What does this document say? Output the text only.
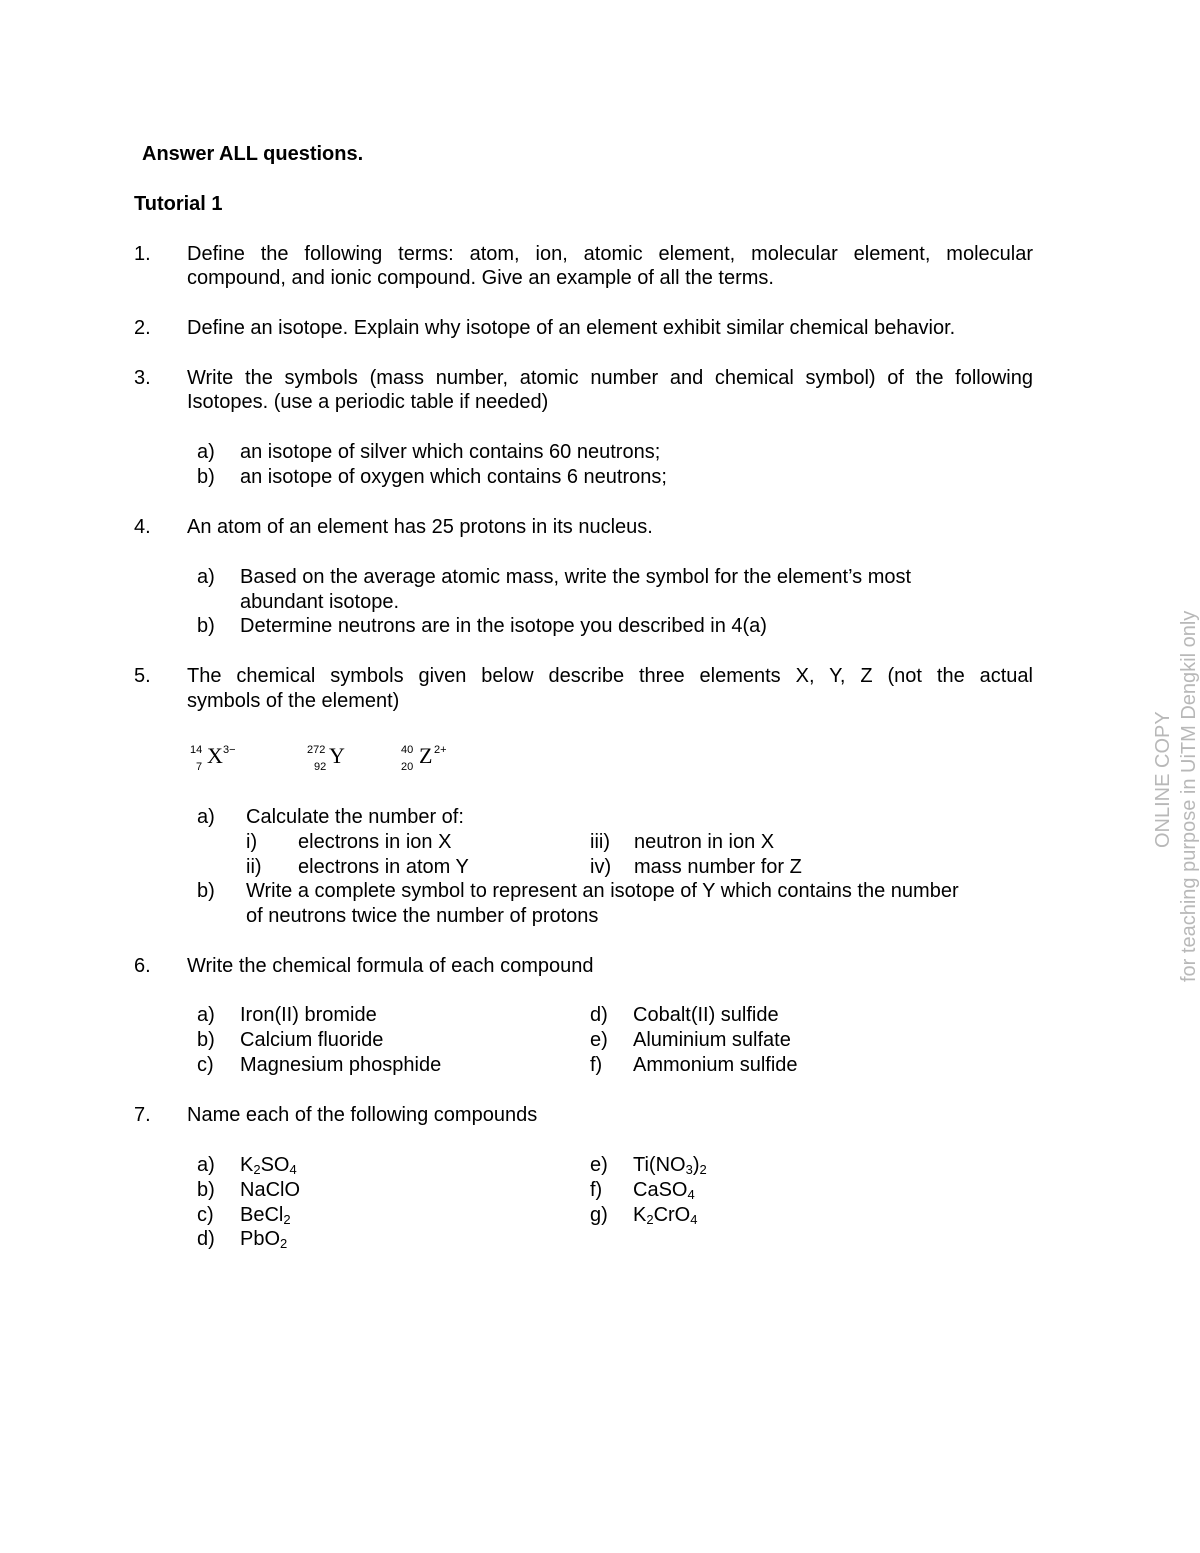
Answer ALL questions.
Tutorial 1
1. Define the following terms: atom, ion, atomic element, molecular element, molecular
compound, and ionic compound. Give an example of all the terms.
2. Define an isotope. Explain why isotope of an element exhibit similar chemical behavior.
3. Write the symbols (mass number, atomic number and chemical symbol) of the following
Isotopes. (use a periodic table if needed)
a) an isotope of silver which contains 60 neutrons;
b) an isotope of oxygen which contains 6 neutrons;
4. An atom of an element has 25 protons in its nucleus.
a) Based on the average atomic mass, write the symbol for the element’s most
abundant isotope.
b) Determine neutrons are in the isotope you described in 4(a)
5. The chemical symbols given below describe three elements X, Y, Z (not the actual
symbols of the element)
14
7 X 3−	272
92 Y	40
20 Z 2+
a) Calculate the number of:
i) electrons in ion X
ii) electrons in atom Y
iii) neutron in ion X
iv) mass number for Z
b) Write a complete symbol to represent an isotope of Y which contains the number
of neutrons twice the number of protons
6. Write the chemical formula of each compound
a) Iron(II) bromide
b) Calcium fluoride
c) Magnesium phosphide
d) Cobalt(II) sulfide
e) Aluminium sulfate
f) Ammonium sulfide
7. Name each of the following compounds
a) $K_2SO_4$
b) NaClO
c) BeCl$_2$
d) PbO$_2$
e) $Ti(NO_3)_2$
f) CaSO$_4$
g) $K_2CrO_4$
ONLINE COPY for teaching purpose in UiTM Dengkil only
